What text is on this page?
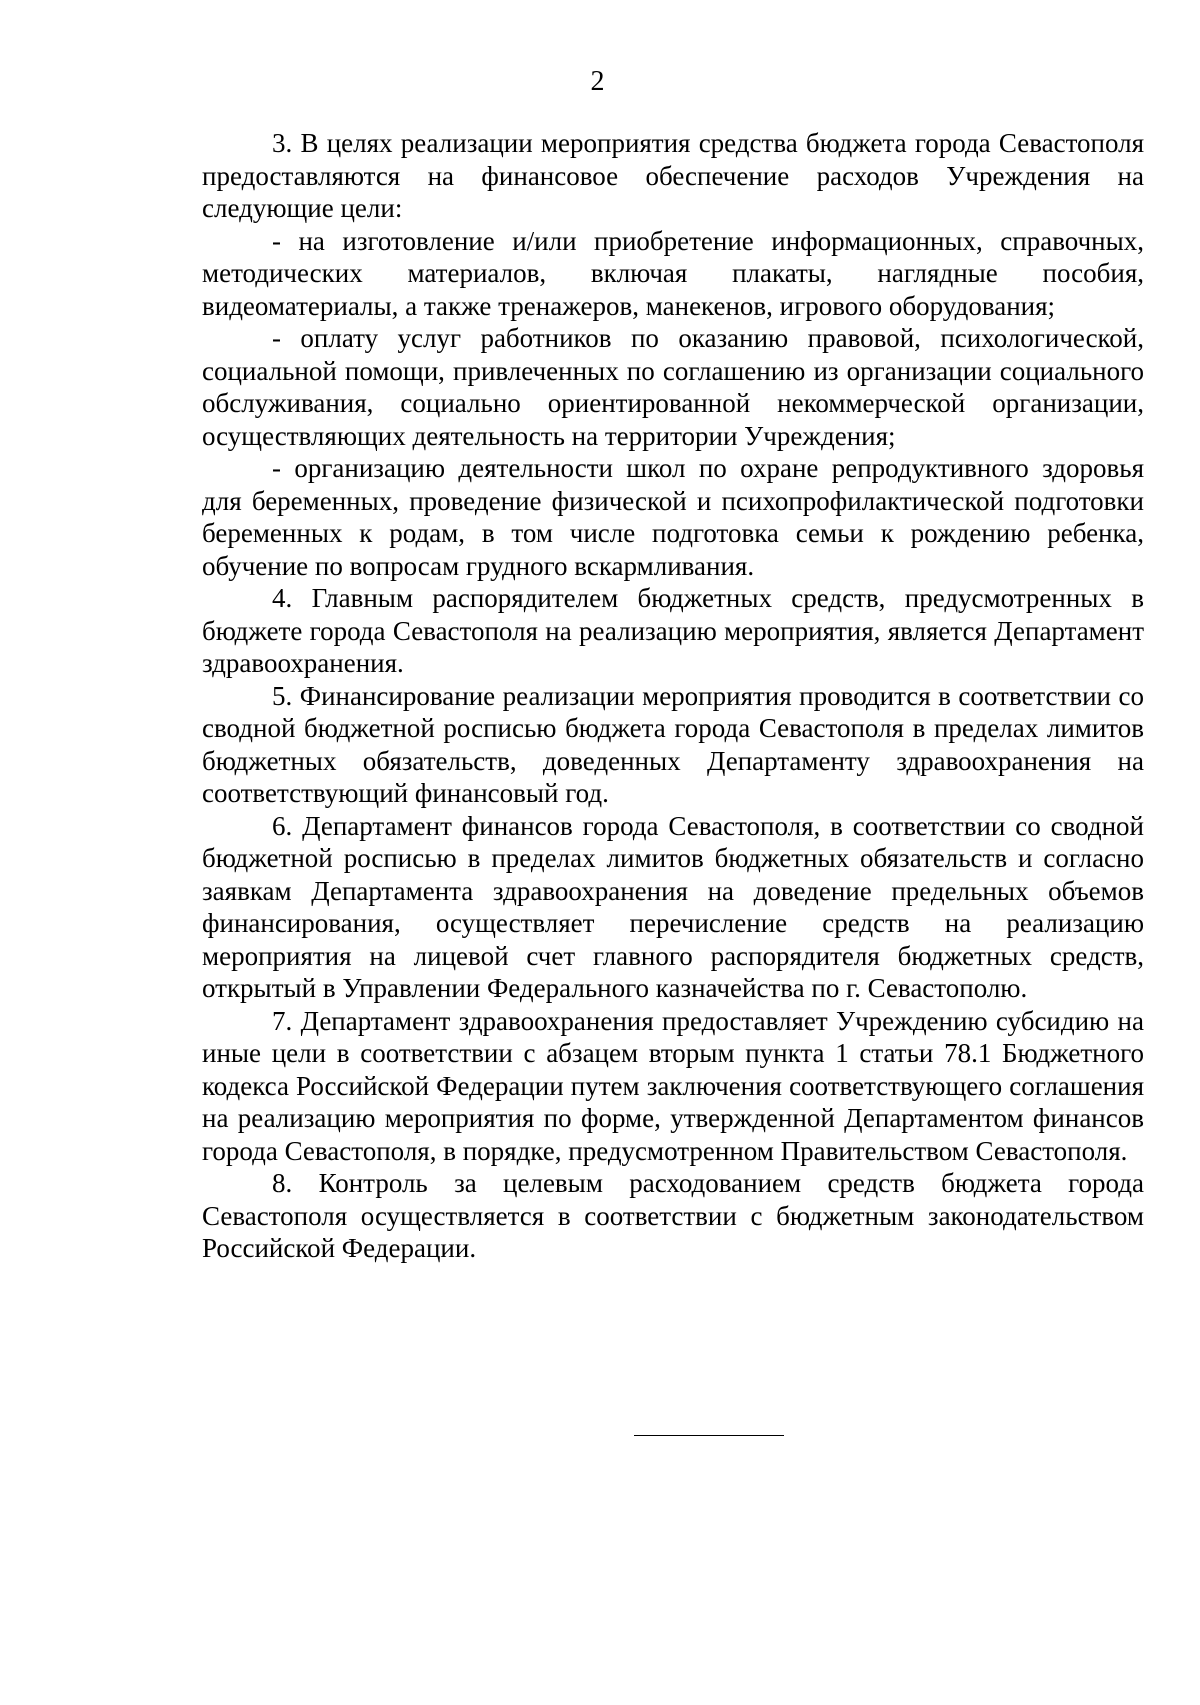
2

3. В целях реализации мероприятия средства бюджета города Севастополя предоставляются на финансовое обеспечение расходов Учреждения на следующие цели:

- на изготовление и/или приобретение информационных, справочных, методических материалов, включая плакаты, наглядные пособия, видеоматериалы, а также тренажеров, манекенов, игрового оборудования;

- оплату услуг работников по оказанию правовой, психологической, социальной помощи, привлеченных по соглашению из организации социального обслуживания, социально ориентированной некоммерческой организации, осуществляющих деятельность на территории Учреждения;

- организацию деятельности школ по охране репродуктивного здоровья для беременных, проведение физической и психопрофилактической подготовки беременных к родам, в том числе подготовка семьи к рождению ребенка, обучение по вопросам грудного вскармливания.

4. Главным распорядителем бюджетных средств, предусмотренных в бюджете города Севастополя на реализацию мероприятия, является Департамент здравоохранения.

5. Финансирование реализации мероприятия проводится в соответствии со сводной бюджетной росписью бюджета города Севастополя в пределах лимитов бюджетных обязательств, доведенных Департаменту здравоохранения на соответствующий финансовый год.

6. Департамент финансов города Севастополя, в соответствии со сводной бюджетной росписью в пределах лимитов бюджетных обязательств и согласно заявкам Департамента здравоохранения на доведение предельных объемов финансирования, осуществляет перечисление средств на реализацию мероприятия на лицевой счет главного распорядителя бюджетных средств, открытый в Управлении Федерального казначейства по г. Севастополю.

7. Департамент здравоохранения предоставляет Учреждению субсидию на иные цели в соответствии с абзацем вторым пункта 1 статьи 78.1 Бюджетного кодекса Российской Федерации путем заключения соответствующего соглашения на реализацию мероприятия по форме, утвержденной Департаментом финансов города Севастополя, в порядке, предусмотренном Правительством Севастополя.

8. Контроль за целевым расходованием средств бюджета города Севастополя осуществляется в соответствии с бюджетным законодательством Российской Федерации.
